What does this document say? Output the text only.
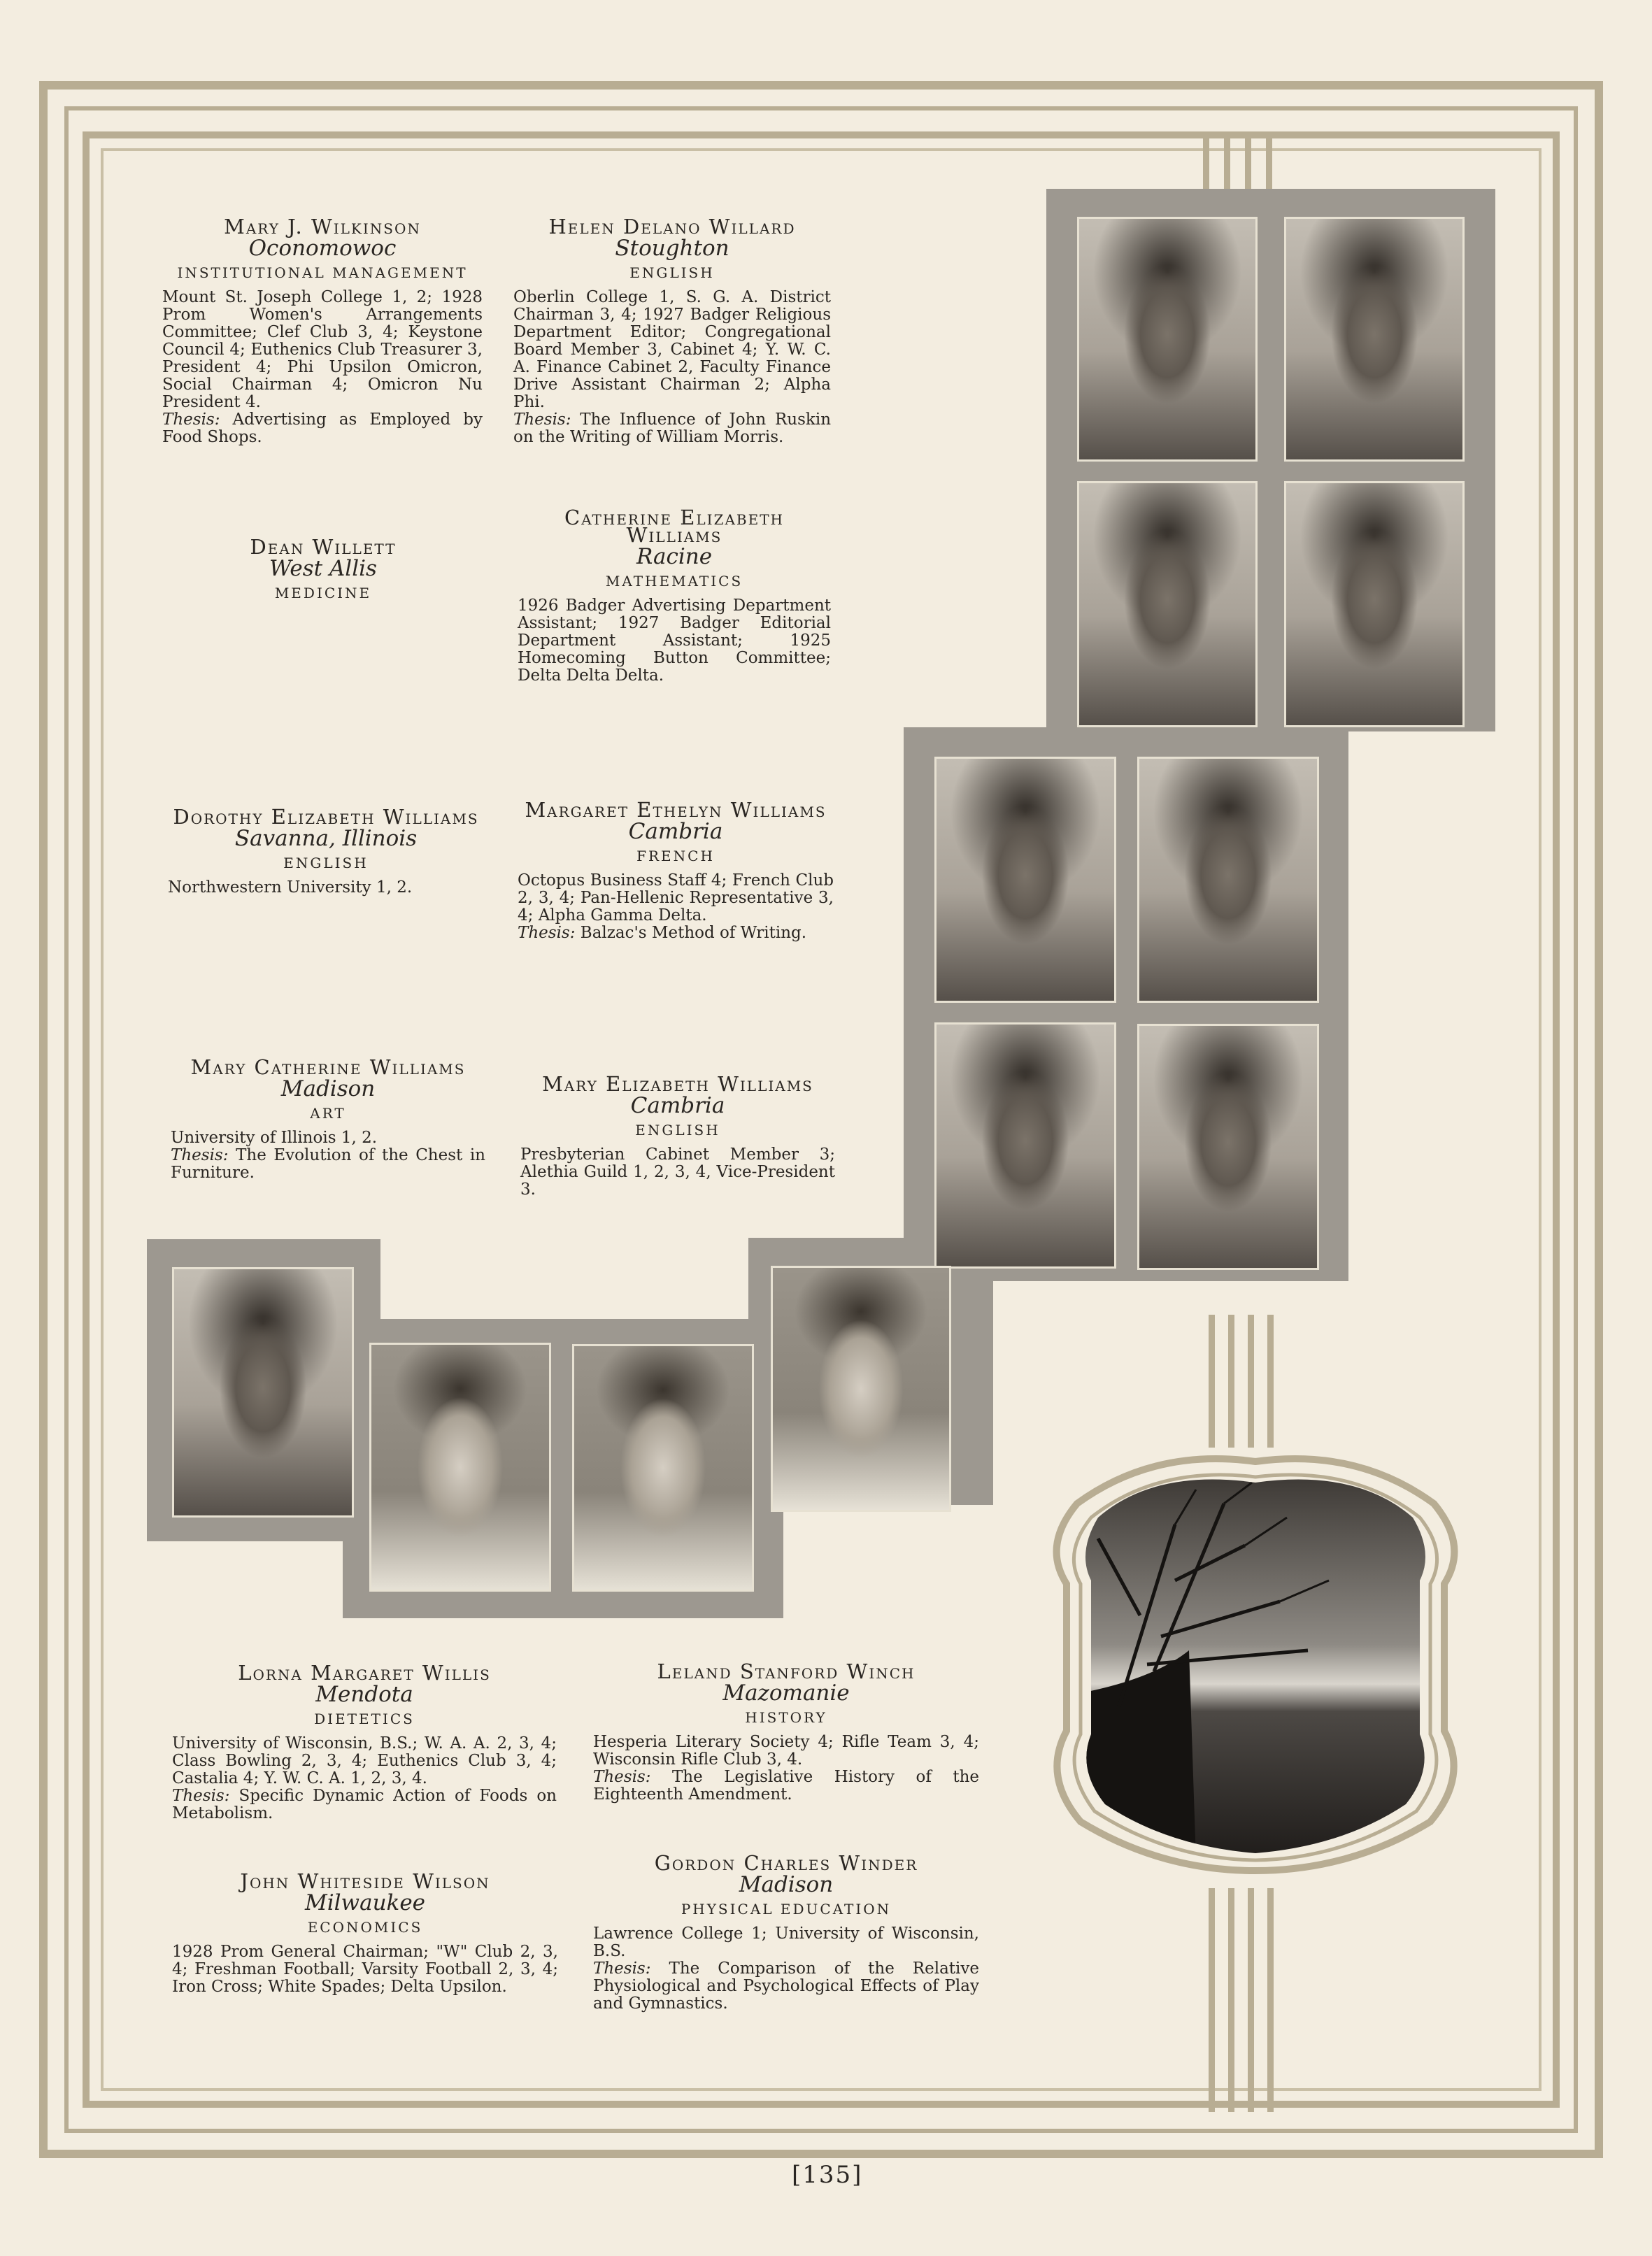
Mary J. Wilkinson
Oconomowoc
INSTITUTIONAL MANAGEMENT
Mount St. Joseph College 1, 2; 1928 Prom Women's Arrangements Committee; Clef Club 3, 4; Keystone Council 4; Euthenics Club Treasurer 3, President 4; Phi Upsilon Omicron, Social Chairman 4; Omicron Nu President 4.
Thesis: Advertising as Employed by Food Shops.
Helen Delano Willard
Stoughton
ENGLISH
Oberlin College 1, S. G. A. District Chairman 3, 4; 1927 Badger Religious Department Editor; Congregational Board Member 3, Cabinet 4; Y. W. C. A. Finance Cabinet 2, Faculty Finance Drive Assistant Chairman 2; Alpha Phi.
Thesis: The Influence of John Ruskin on the Writing of William Morris.
Dean Willett
West Allis
MEDICINE
Catherine Elizabeth Williams
Racine
MATHEMATICS
1926 Badger Advertising Department Assistant; 1927 Badger Editorial Department Assistant; 1925 Homecoming Button Committee; Delta Delta Delta.
Dorothy Elizabeth Williams
Savanna, Illinois
ENGLISH
Northwestern University 1, 2.
Margaret Ethelyn Williams
Cambria
FRENCH
Octopus Business Staff 4; French Club 2, 3, 4; Pan-Hellenic Representative 3, 4; Alpha Gamma Delta.
Thesis: Balzac's Method of Writing.
Mary Catherine Williams
Madison
ART
University of Illinois 1, 2.
Thesis: The Evolution of the Chest in Furniture.
Mary Elizabeth Williams
Cambria
ENGLISH
Presbyterian Cabinet Member 3; Alethia Guild 1, 2, 3, 4, Vice-President 3.
Lorna Margaret Willis
Mendota
DIETETICS
University of Wisconsin, B.S.; W. A. A. 2, 3, 4; Class Bowling 2, 3, 4; Euthenics Club 3, 4; Castalia 4; Y. W. C. A. 1, 2, 3, 4.
Thesis: Specific Dynamic Action of Foods on Metabolism.
Leland Stanford Winch
Mazomanie
HISTORY
Hesperia Literary Society 4; Rifle Team 3, 4; Wisconsin Rifle Club 3, 4.
Thesis: The Legislative History of the Eighteenth Amendment.
John Whiteside Wilson
Milwaukee
ECONOMICS
1928 Prom General Chairman; "W" Club 2, 3, 4; Freshman Football; Varsity Football 2, 3, 4; Iron Cross; White Spades; Delta Upsilon.
Gordon Charles Winder
Madison
PHYSICAL EDUCATION
Lawrence College 1; University of Wisconsin, B.S.
Thesis: The Comparison of the Relative Physiological and Psychological Effects of Play and Gymnastics.
[135]
